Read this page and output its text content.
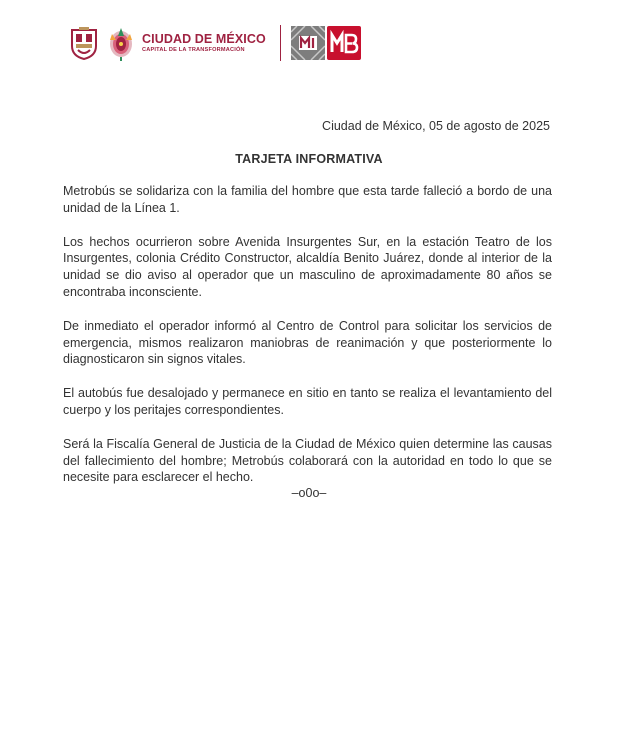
CIUDAD DE MÉXICO
CAPITAL DE LA TRANSFORMACIÓN
Ciudad de México, 05 de agosto de 2025
TARJETA INFORMATIVA

Metrobús se solidariza con la familia del hombre que esta tarde falleció a bordo de una unidad de la Línea 1.

Los hechos ocurrieron sobre Avenida Insurgentes Sur, en la estación Teatro de los Insurgentes, colonia Crédito Constructor, alcaldía Benito Juárez, donde al interior de la unidad se dio aviso al operador que un masculino de aproximadamente 80 años se encontraba inconsciente.

De inmediato el operador informó al Centro de Control para solicitar los servicios de emergencia, mismos realizaron maniobras de reanimación y que posteriormente lo diagnosticaron sin signos vitales.

El autobús fue desalojado y permanece en sitio en tanto se realiza el levantamiento del cuerpo y los peritajes correspondientes.

Será la Fiscalía General de Justicia de la Ciudad de México quien determine las causas del fallecimiento del hombre; Metrobús colaborará con la autoridad en todo lo que se necesite para esclarecer el hecho.

–o0o–
